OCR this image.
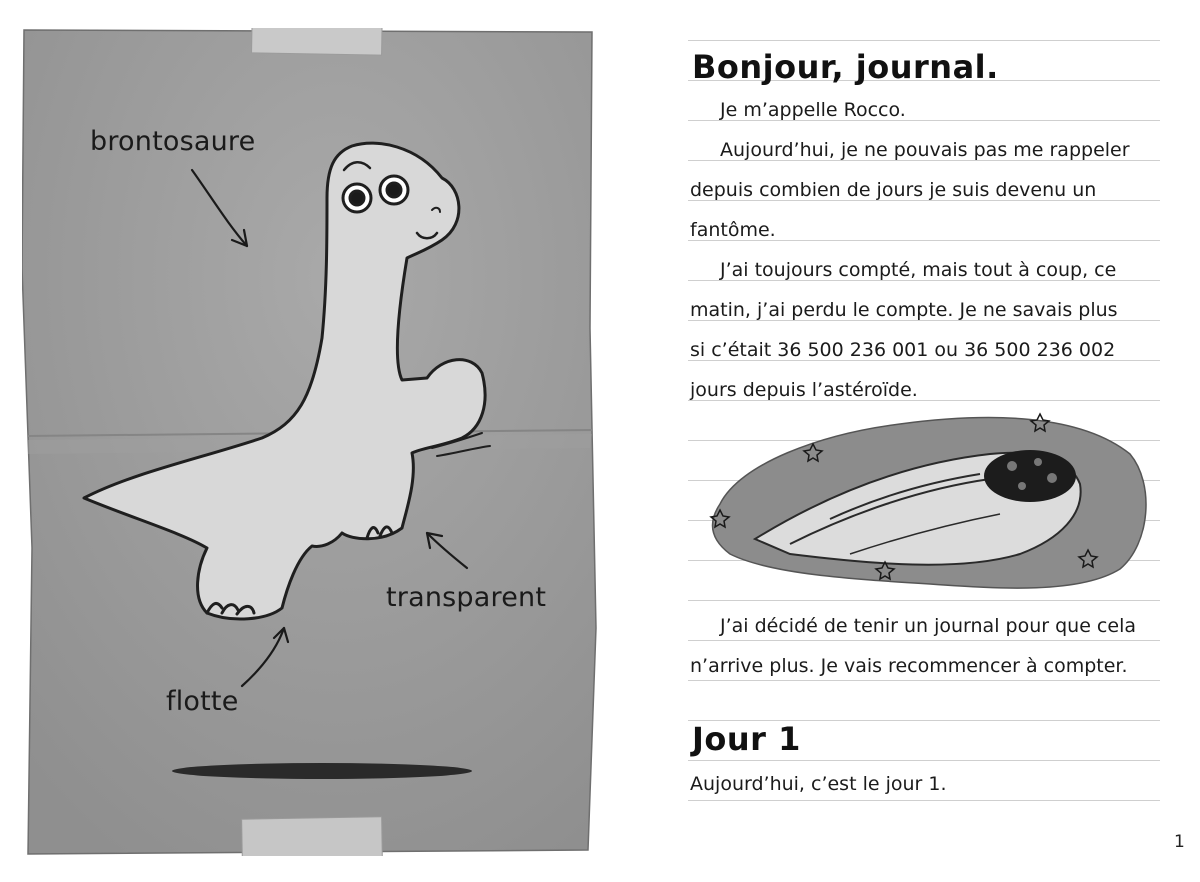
brontosaure
transparent
flotte
Bonjour, journal.
Je m’appelle Rocco.
Aujourd’hui, je ne pouvais pas me rappeler
depuis combien de jours je suis devenu un
fantôme.
J’ai toujours compté, mais tout à coup, ce
matin, j’ai perdu le compte. Je ne savais plus
si c’était 36 500 236 001 ou 36 500 236 002
jours depuis l’astéroïde.
J’ai décidé de tenir un journal pour que cela
n’arrive plus. Je vais recommencer à compter.
Jour 1
Aujourd’hui, c’est le jour 1.
1
